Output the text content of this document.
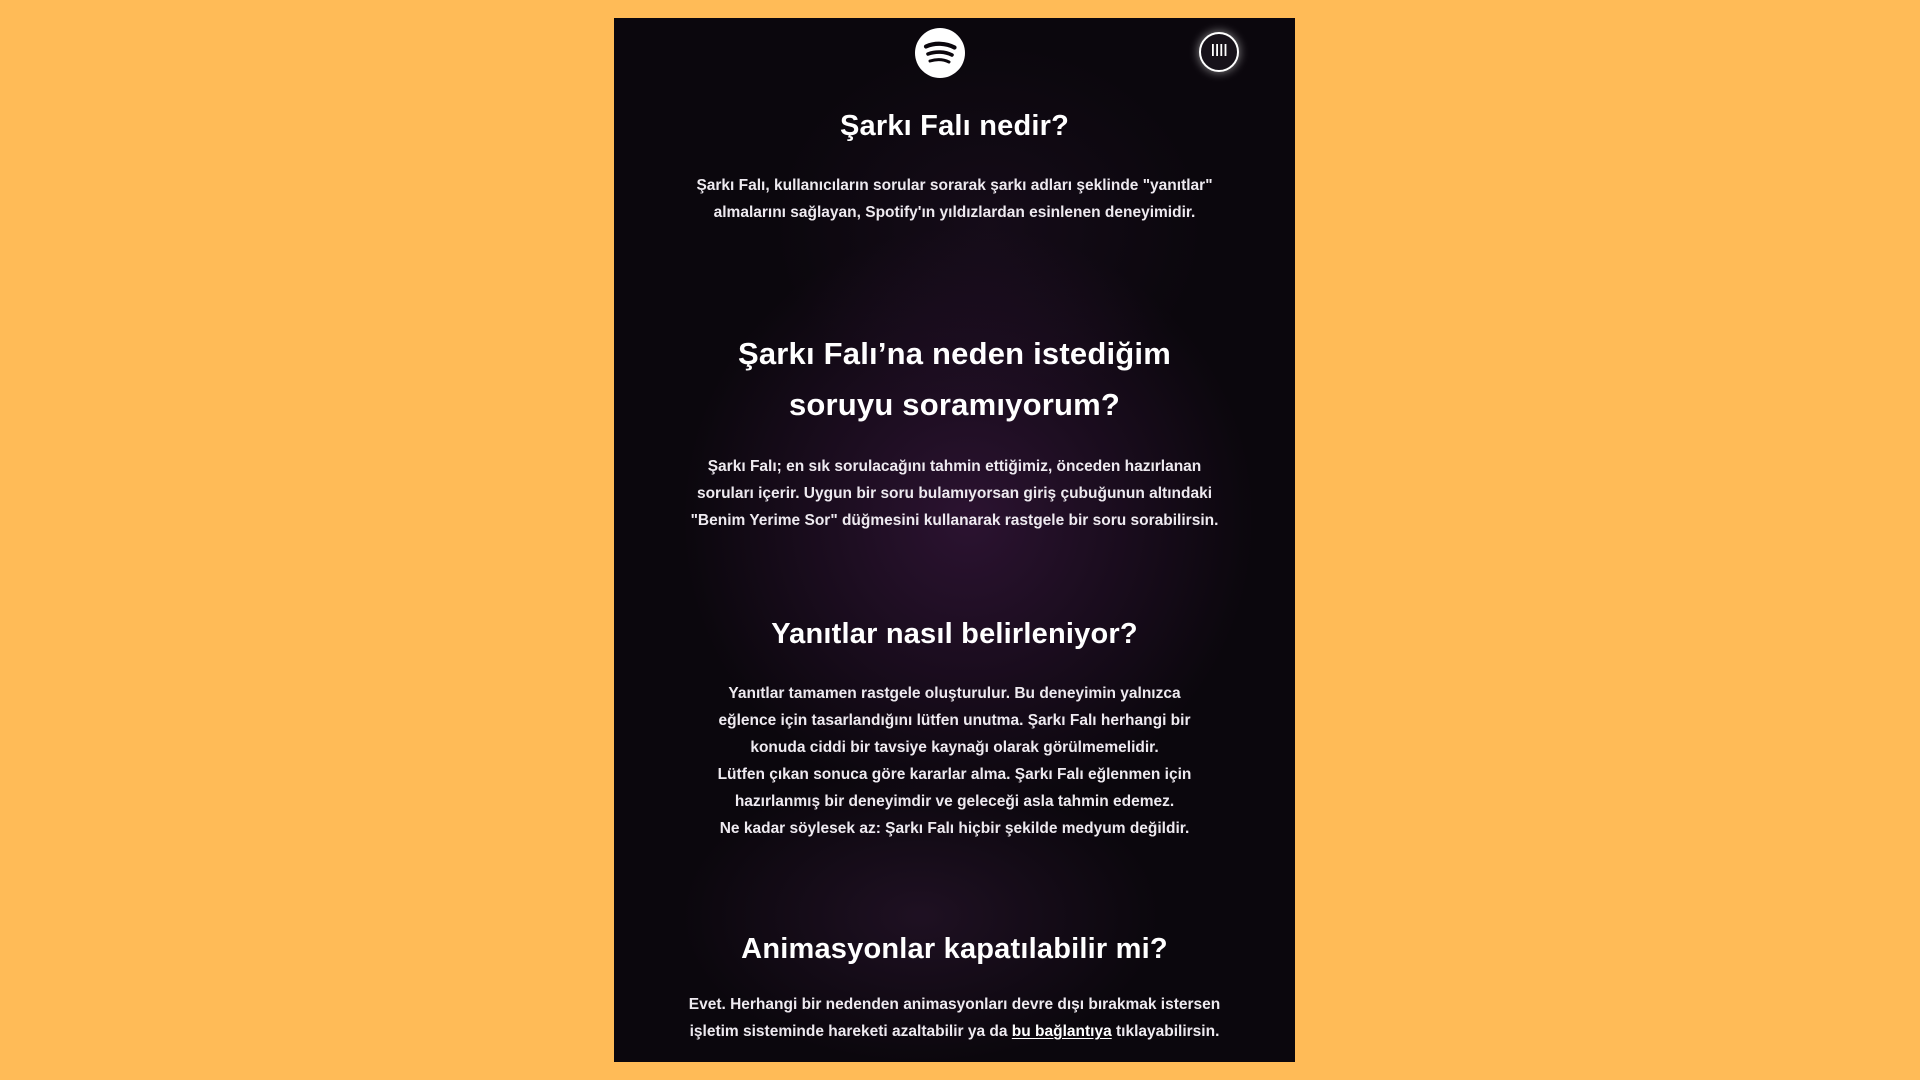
Şarkı Falı nedir?

Şarkı Falı, kullanıcıların sorular sorarak şarkı adları şeklinde "yanıtlar"
almalarını sağlayan, Spotify'ın yıldızlardan esinlenen deneyimidir.

Şarkı Falı’na neden istediğim
soruyu soramıyorum?

Şarkı Falı; en sık sorulacağını tahmin ettiğimiz, önceden hazırlanan
soruları içerir. Uygun bir soru bulamıyorsan giriş çubuğunun altındaki
"Benim Yerime Sor" düğmesini kullanarak rastgele bir soru sorabilirsin.

Yanıtlar nasıl belirleniyor?

Yanıtlar tamamen rastgele oluşturulur. Bu deneyimin yalnızca
eğlence için tasarlandığını lütfen unutma. Şarkı Falı herhangi bir
konuda ciddi bir tavsiye kaynağı olarak görülmemelidir.
Lütfen çıkan sonuca göre kararlar alma. Şarkı Falı eğlenmen için
hazırlanmış bir deneyimdir ve geleceği asla tahmin edemez.
Ne kadar söylesek az: Şarkı Falı hiçbir şekilde medyum değildir.

Animasyonlar kapatılabilir mi?

Evet. Herhangi bir nedenden animasyonları devre dışı bırakmak istersen
işletim sisteminde hareketi azaltabilir ya da bu bağlantıya tıklayabilirsin.
